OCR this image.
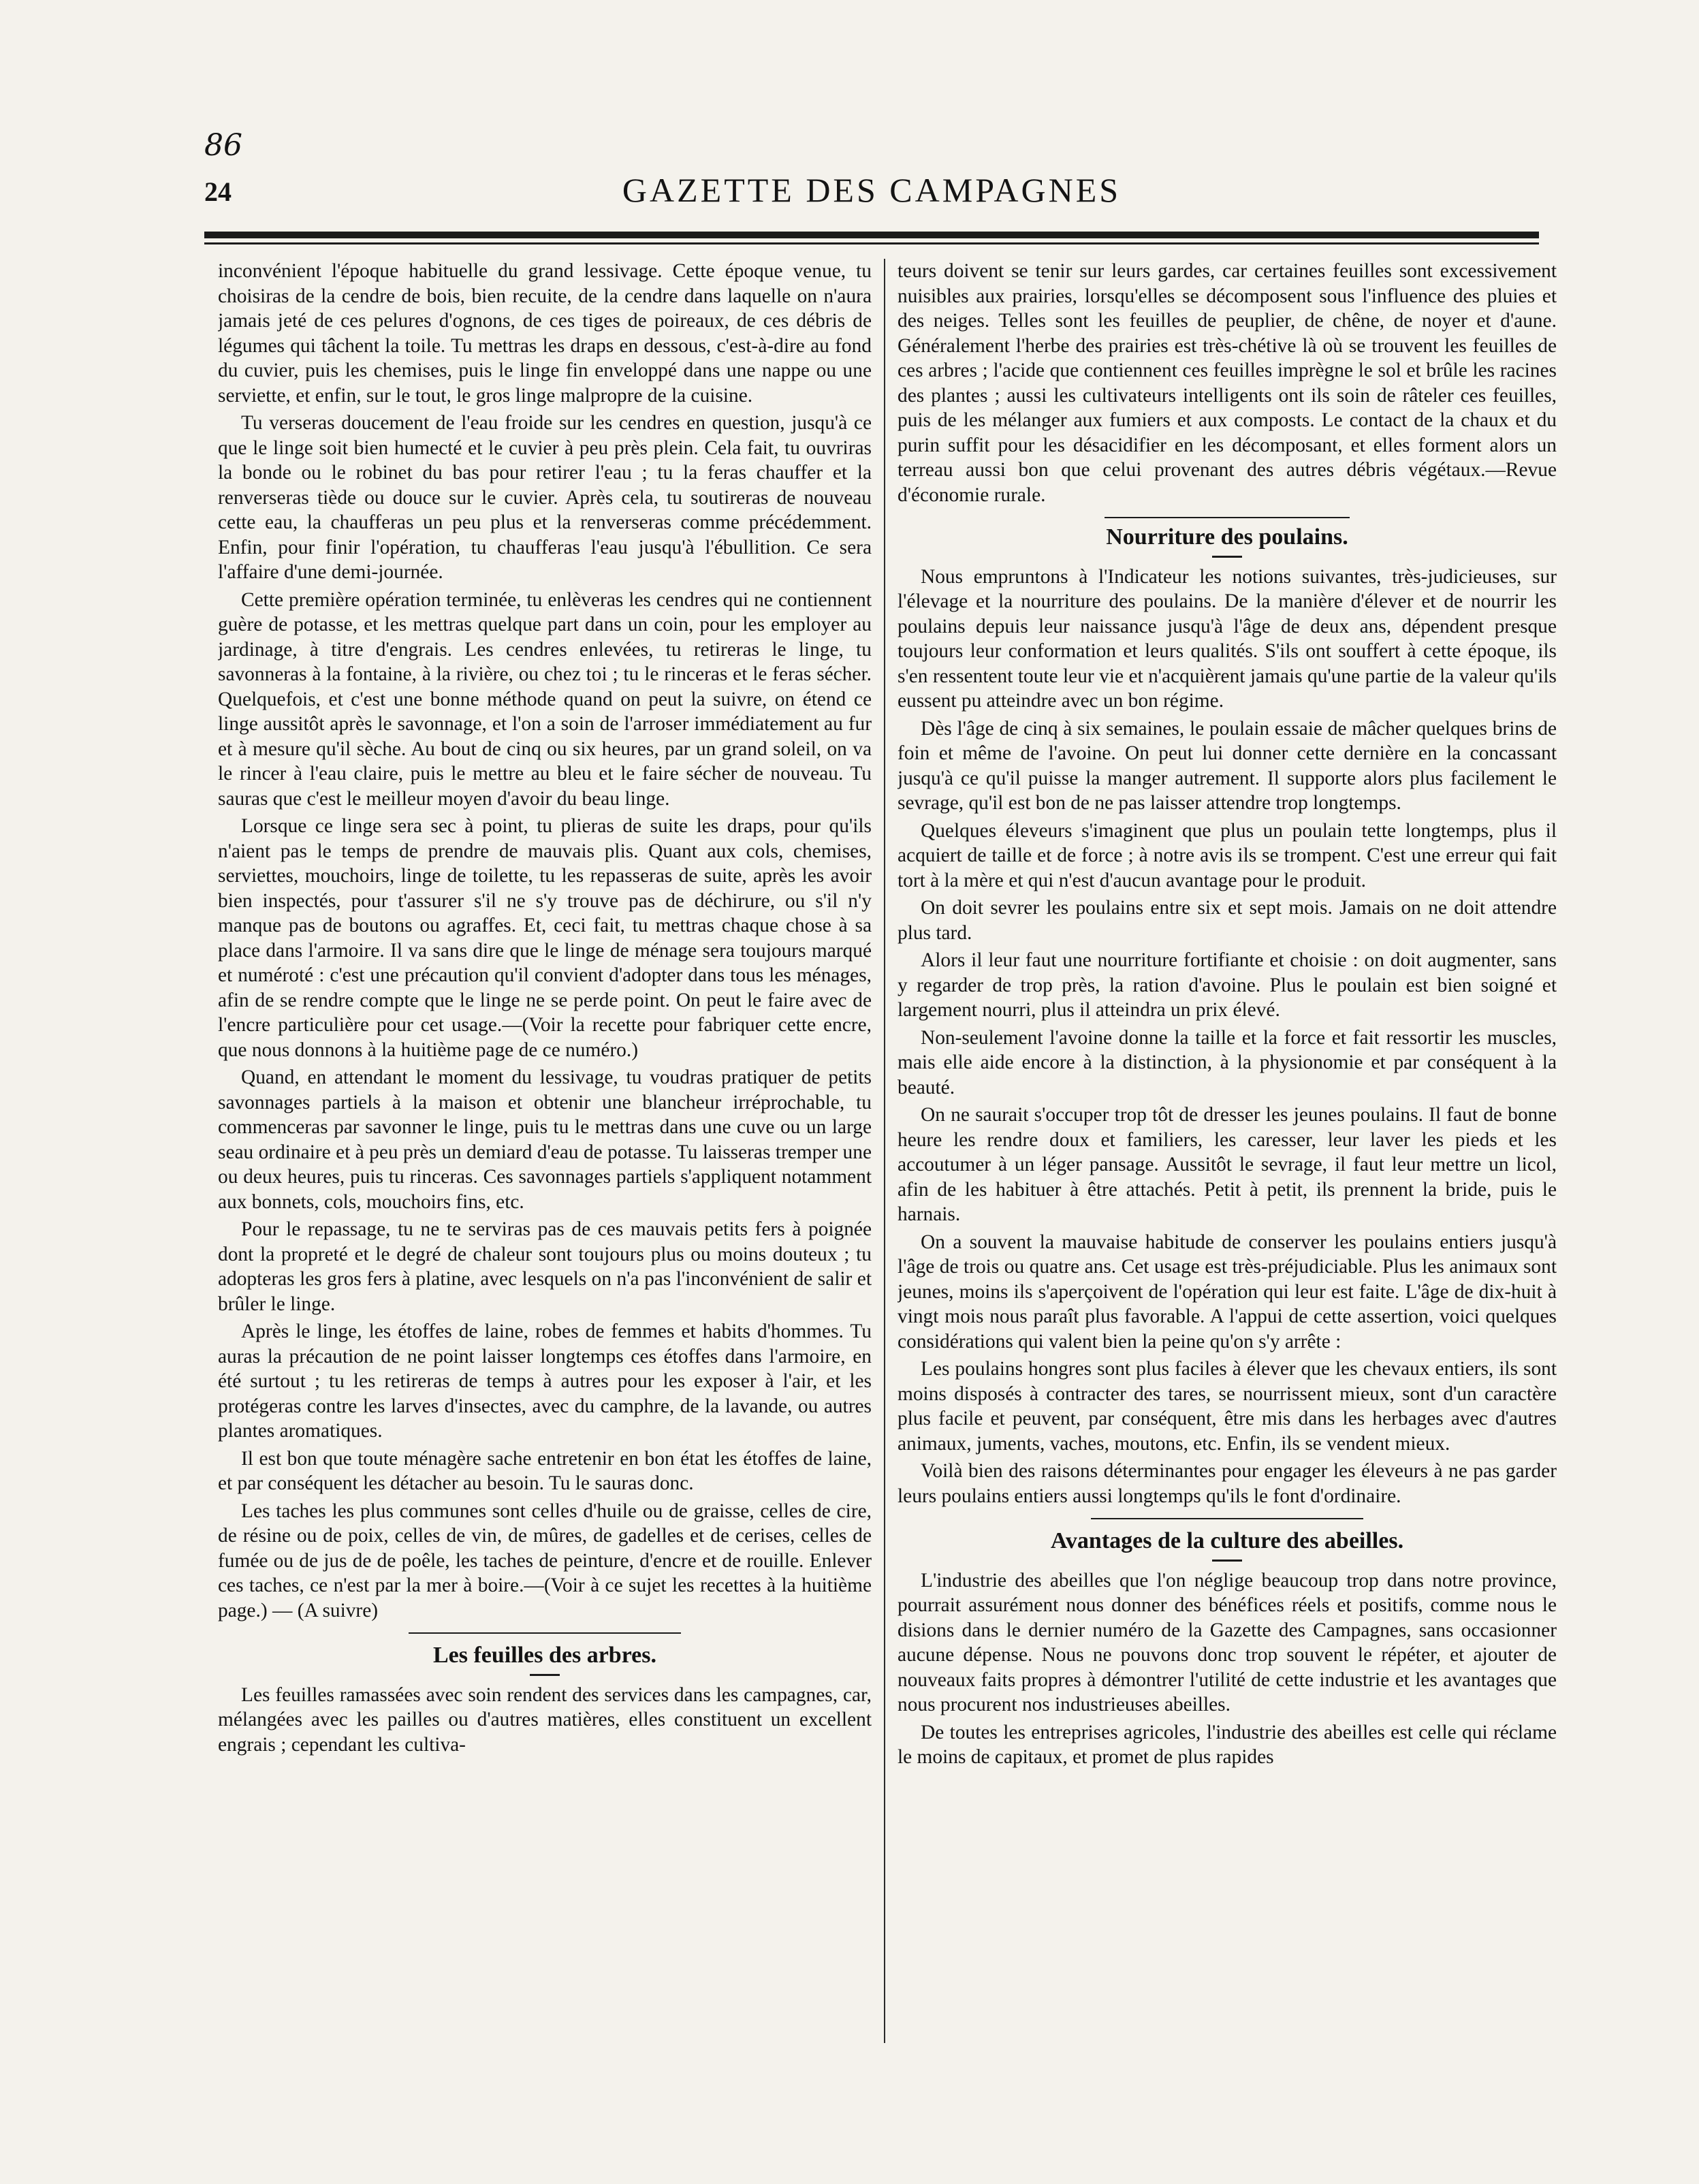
86
24	GAZETTE DES CAMPAGNES

inconvénient l'époque habituelle du grand lessivage. Cette époque venue, tu choisiras de la cendre de bois, bien recuite, de la cendre dans laquelle on n'aura jamais jeté de ces pelures d'ognons, de ces tiges de poireaux, de ces débris de légumes qui tâchent la toile. Tu mettras les draps en dessous, c'est-à-dire au fond du cuvier, puis les chemises, puis le linge fin enveloppé dans une nappe ou une serviette, et enfin, sur le tout, le gros linge malpropre de la cuisine.

Tu verseras doucement de l'eau froide sur les cendres en question, jusqu'à ce que le linge soit bien humecté et le cuvier à peu près plein. Cela fait, tu ouvriras la bonde ou le robinet du bas pour retirer l'eau ; tu la feras chauffer et la renverseras tiède ou douce sur le cuvier. Après cela, tu soutireras de nouveau cette eau, la chaufferas un peu plus et la renverseras comme précédemment. Enfin, pour finir l'opération, tu chaufferas l'eau jusqu'à l'ébullition. Ce sera l'affaire d'une demi-journée.

Cette première opération terminée, tu enlèveras les cendres qui ne contiennent guère de potasse, et les mettras quelque part dans un coin, pour les employer au jardinage, à titre d'engrais. Les cendres enlevées, tu retireras le linge, tu savonneras à la fontaine, à la rivière, ou chez toi ; tu le rinceras et le feras sécher. Quelquefois, et c'est une bonne méthode quand on peut la suivre, on étend ce linge aussitôt après le savonnage, et l'on a soin de l'arroser immédiatement au fur et à mesure qu'il sèche. Au bout de cinq ou six heures, par un grand soleil, on va le rincer à l'eau claire, puis le mettre au bleu et le faire sécher de nouveau. Tu sauras que c'est le meilleur moyen d'avoir du beau linge.

Lorsque ce linge sera sec à point, tu plieras de suite les draps, pour qu'ils n'aient pas le temps de prendre de mauvais plis. Quant aux cols, chemises, serviettes, mouchoirs, linge de toilette, tu les repasseras de suite, après les avoir bien inspectés, pour t'assurer s'il ne s'y trouve pas de déchirure, ou s'il n'y manque pas de boutons ou agraffes. Et, ceci fait, tu mettras chaque chose à sa place dans l'armoire. Il va sans dire que le linge de ménage sera toujours marqué et numéroté : c'est une précaution qu'il convient d'adopter dans tous les ménages, afin de se rendre compte que le linge ne se perde point. On peut le faire avec de l'encre particulière pour cet usage.—(Voir la recette pour fabriquer cette encre, que nous donnons à la huitième page de ce numéro.)

Quand, en attendant le moment du lessivage, tu voudras pratiquer de petits savonnages partiels à la maison et obtenir une blancheur irréprochable, tu commenceras par savonner le linge, puis tu le mettras dans une cuve ou un large seau ordinaire et à peu près un demiard d'eau de potasse. Tu laisseras tremper une ou deux heures, puis tu rinceras. Ces savonnages partiels s'appliquent notamment aux bonnets, cols, mouchoirs fins, etc.

Pour le repassage, tu ne te serviras pas de ces mauvais petits fers à poignée dont la propreté et le degré de chaleur sont toujours plus ou moins douteux ; tu adopteras les gros fers à platine, avec lesquels on n'a pas l'inconvénient de salir et brûler le linge.

Après le linge, les étoffes de laine, robes de femmes et habits d'hommes. Tu auras la précaution de ne point laisser longtemps ces étoffes dans l'armoire, en été surtout ; tu les retireras de temps à autres pour les exposer à l'air, et les protégeras contre les larves d'insectes, avec du camphre, de la lavande, ou autres plantes aromatiques.

Il est bon que toute ménagère sache entretenir en bon état les étoffes de laine, et par conséquent les détacher au besoin. Tu le sauras donc.

Les taches les plus communes sont celles d'huile ou de graisse, celles de cire, de résine ou de poix, celles de vin, de mûres, de gadelles et de cerises, celles de fumée ou de jus de de poêle, les taches de peinture, d'encre et de rouille. Enlever ces taches, ce n'est par la mer à boire.—(Voir à ce sujet les recettes à la huitième page.) — (A suivre)

Les feuilles des arbres.

Les feuilles ramassées avec soin rendent des services dans les campagnes, car, mélangées avec les pailles ou d'autres matières, elles constituent un excellent engrais ; cependant les cultiva-

teurs doivent se tenir sur leurs gardes, car certaines feuilles sont excessivement nuisibles aux prairies, lorsqu'elles se décomposent sous l'influence des pluies et des neiges. Telles sont les feuilles de peuplier, de chêne, de noyer et d'aune. Généralement l'herbe des prairies est très-chétive là où se trouvent les feuilles de ces arbres ; l'acide que contiennent ces feuilles imprègne le sol et brûle les racines des plantes ; aussi les cultivateurs intelligents ont ils soin de râteler ces feuilles, puis de les mélanger aux fumiers et aux composts. Le contact de la chaux et du purin suffit pour les désacidifier en les décomposant, et elles forment alors un terreau aussi bon que celui provenant des autres débris végétaux.—Revue d'économie rurale.

Nourriture des poulains.

Nous empruntons à l'Indicateur les notions suivantes, très-judicieuses, sur l'élevage et la nourriture des poulains. De la manière d'élever et de nourrir les poulains depuis leur naissance jusqu'à l'âge de deux ans, dépendent presque toujours leur conformation et leurs qualités. S'ils ont souffert à cette époque, ils s'en ressentent toute leur vie et n'acquièrent jamais qu'une partie de la valeur qu'ils eussent pu atteindre avec un bon régime.

Dès l'âge de cinq à six semaines, le poulain essaie de mâcher quelques brins de foin et même de l'avoine. On peut lui donner cette dernière en la concassant jusqu'à ce qu'il puisse la manger autrement. Il supporte alors plus facilement le sevrage, qu'il est bon de ne pas laisser attendre trop longtemps.

Quelques éleveurs s'imaginent que plus un poulain tette longtemps, plus il acquiert de taille et de force ; à notre avis ils se trompent. C'est une erreur qui fait tort à la mère et qui n'est d'aucun avantage pour le produit.

On doit sevrer les poulains entre six et sept mois. Jamais on ne doit attendre plus tard.

Alors il leur faut une nourriture fortifiante et choisie : on doit augmenter, sans y regarder de trop près, la ration d'avoine. Plus le poulain est bien soigné et largement nourri, plus il atteindra un prix élevé.

Non-seulement l'avoine donne la taille et la force et fait ressortir les muscles, mais elle aide encore à la distinction, à la physionomie et par conséquent à la beauté.

On ne saurait s'occuper trop tôt de dresser les jeunes poulains. Il faut de bonne heure les rendre doux et familiers, les caresser, leur laver les pieds et les accoutumer à un léger pansage. Aussitôt le sevrage, il faut leur mettre un licol, afin de les habituer à être attachés. Petit à petit, ils prennent la bride, puis le harnais.

On a souvent la mauvaise habitude de conserver les poulains entiers jusqu'à l'âge de trois ou quatre ans. Cet usage est très-préjudiciable. Plus les animaux sont jeunes, moins ils s'aperçoivent de l'opération qui leur est faite. L'âge de dix-huit à vingt mois nous paraît plus favorable. A l'appui de cette assertion, voici quelques considérations qui valent bien la peine qu'on s'y arrête :

Les poulains hongres sont plus faciles à élever que les chevaux entiers, ils sont moins disposés à contracter des tares, se nourrissent mieux, sont d'un caractère plus facile et peuvent, par conséquent, être mis dans les herbages avec d'autres animaux, juments, vaches, moutons, etc. Enfin, ils se vendent mieux.

Voilà bien des raisons déterminantes pour engager les éleveurs à ne pas garder leurs poulains entiers aussi longtemps qu'ils le font d'ordinaire.

Avantages de la culture des abeilles.

L'industrie des abeilles que l'on néglige beaucoup trop dans notre province, pourrait assurément nous donner des bénéfices réels et positifs, comme nous le disions dans le dernier numéro de la Gazette des Campagnes, sans occasionner aucune dépense. Nous ne pouvons donc trop souvent le répéter, et ajouter de nouveaux faits propres à démontrer l'utilité de cette industrie et les avantages que nous procurent nos industrieuses abeilles.

De toutes les entreprises agricoles, l'industrie des abeilles est celle qui réclame le moins de capitaux, et promet de plus rapides
